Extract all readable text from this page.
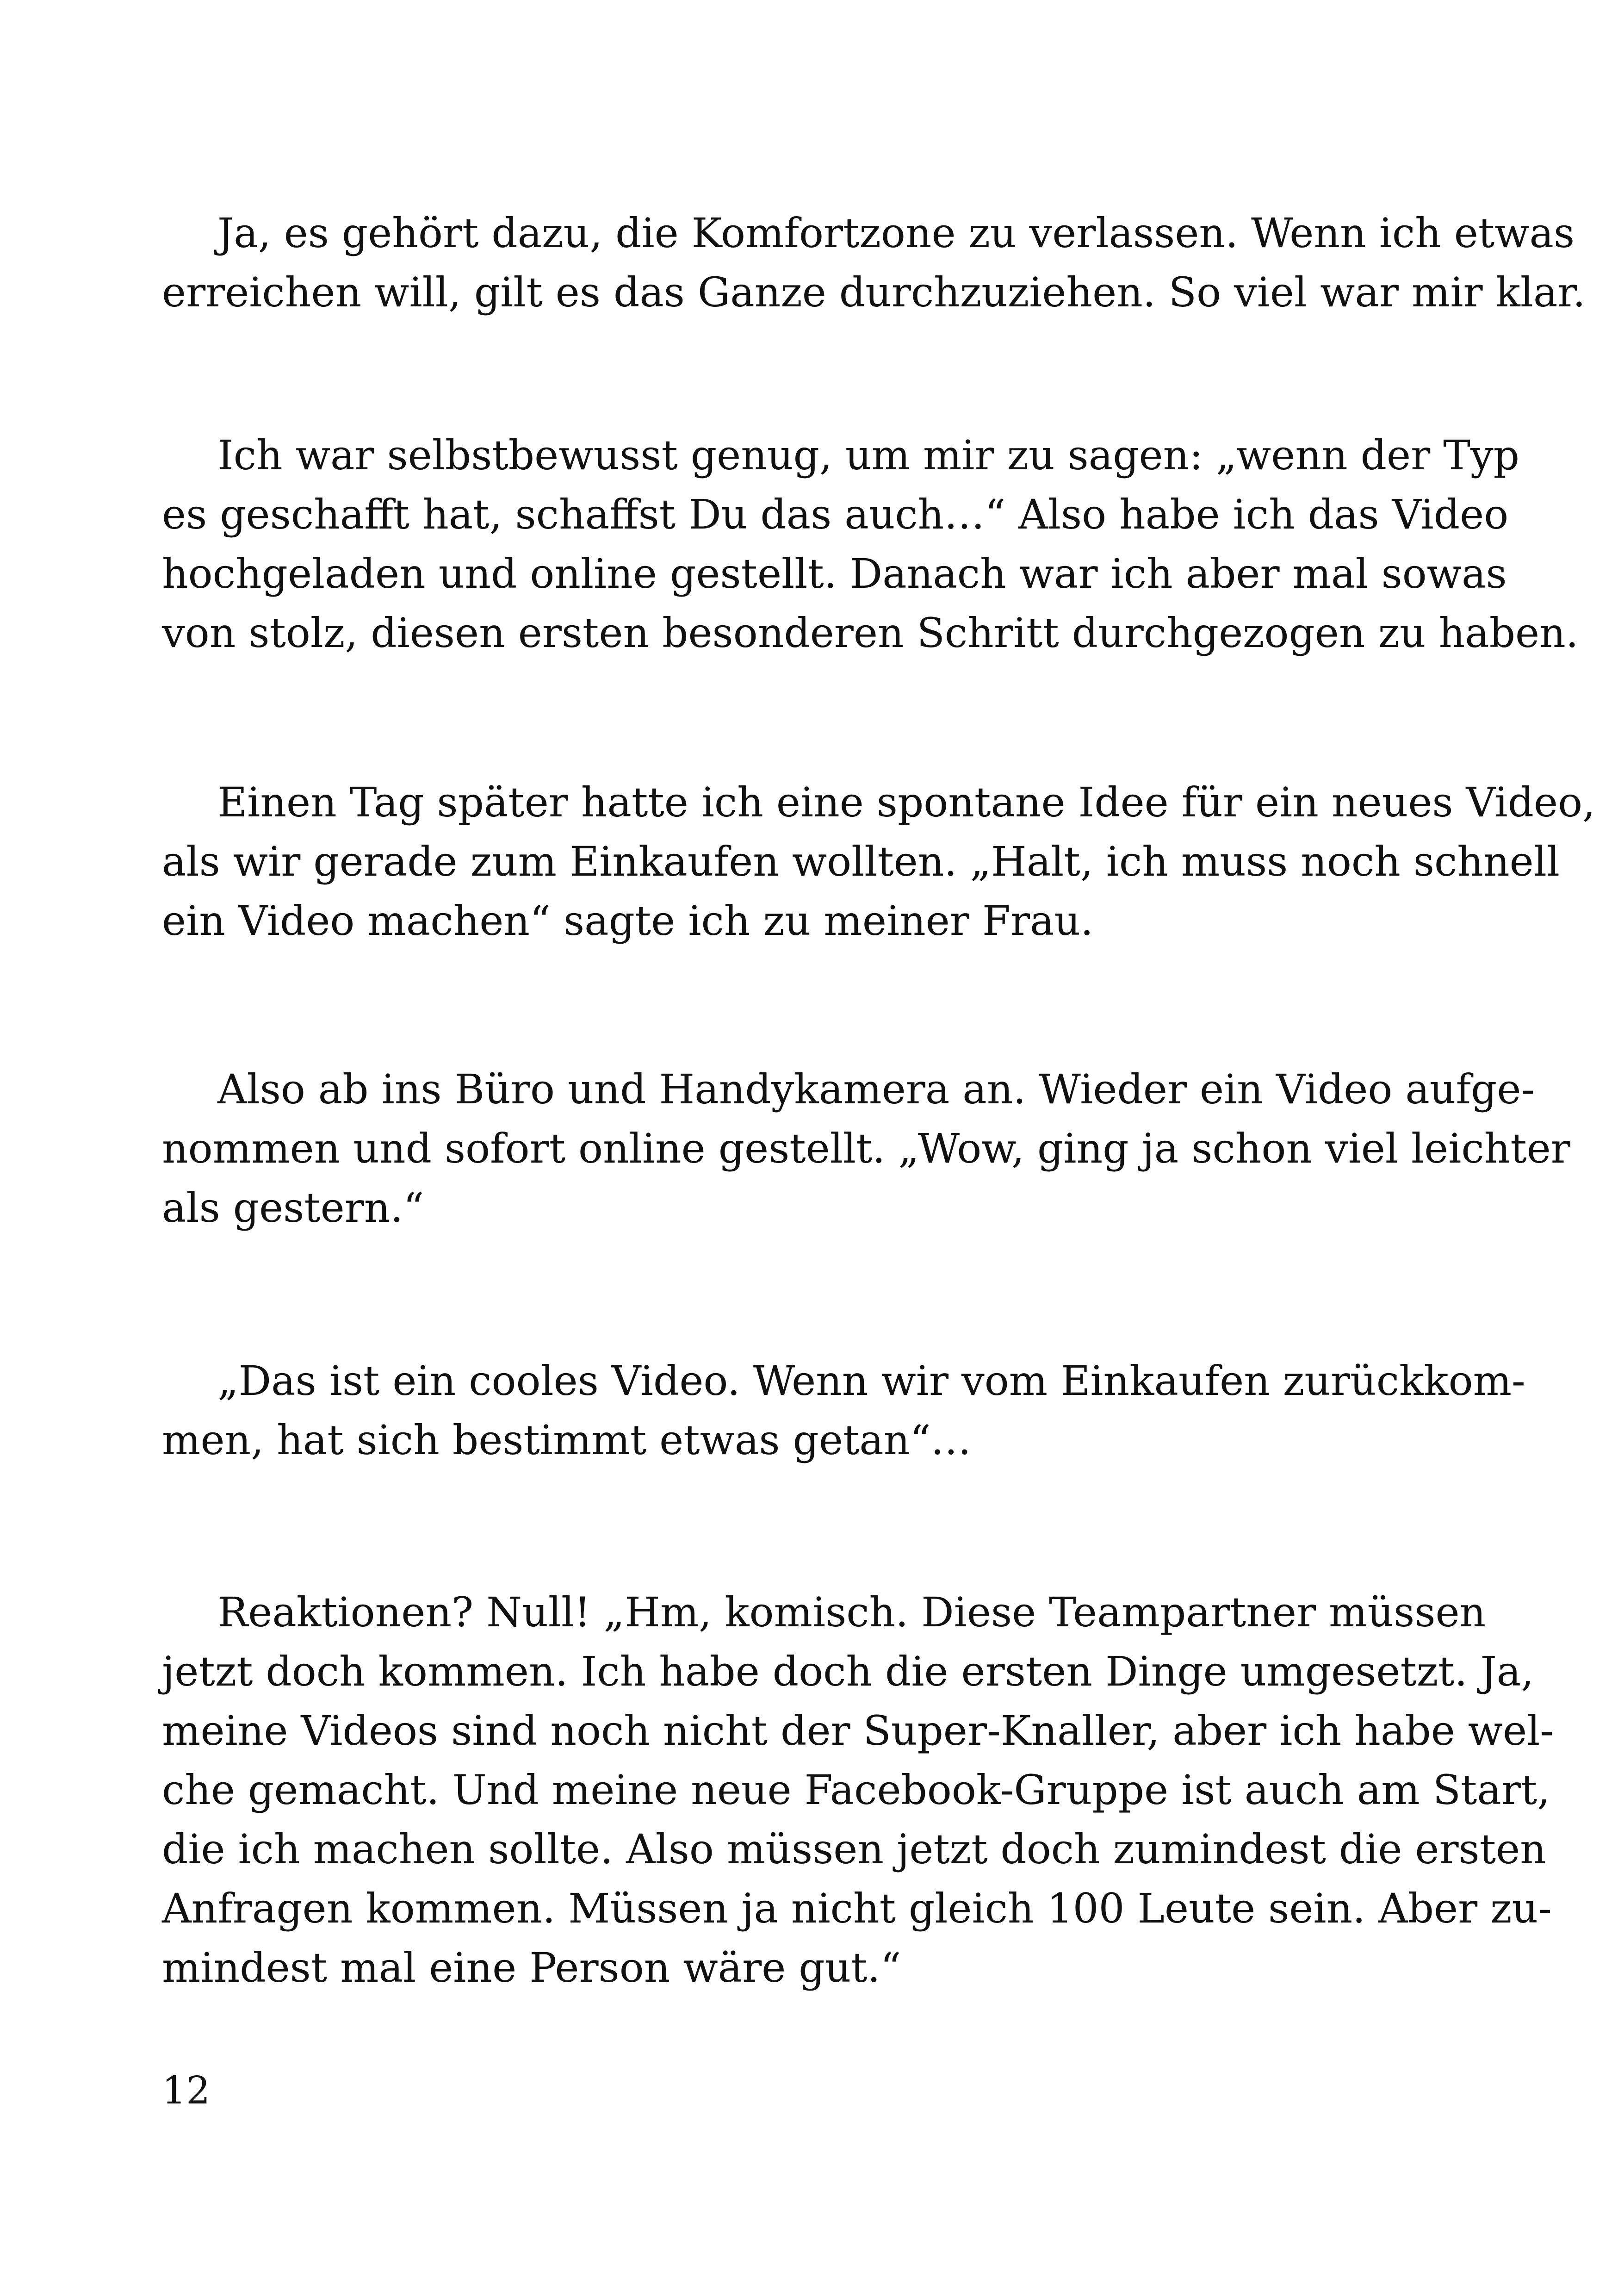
Ja, es gehört dazu, die Komfortzone zu verlassen. Wenn ich etwas
erreichen will, gilt es das Ganze durchzuziehen. So viel war mir klar.
Ich war selbstbewusst genug, um mir zu sagen: „wenn der Typ
es geschafft hat, schaffst Du das auch…“ Also habe ich das Video
hochgeladen und online gestellt. Danach war ich aber mal sowas
von stolz, diesen ersten besonderen Schritt durchgezogen zu haben.
Einen Tag später hatte ich eine spontane Idee für ein neues Video,
als wir gerade zum Einkaufen wollten. „Halt, ich muss noch schnell
ein Video machen“ sagte ich zu meiner Frau.
Also ab ins Büro und Handykamera an. Wieder ein Video aufge-
nommen und sofort online gestellt. „Wow, ging ja schon viel leichter
als gestern.“
„Das ist ein cooles Video. Wenn wir vom Einkaufen zurückkom-
men, hat sich bestimmt etwas getan“…
Reaktionen? Null! „Hm, komisch. Diese Teampartner müssen
jetzt doch kommen. Ich habe doch die ersten Dinge umgesetzt. Ja,
meine Videos sind noch nicht der Super-Knaller, aber ich habe wel-
che gemacht. Und meine neue Facebook-Gruppe ist auch am Start,
die ich machen sollte. Also müssen jetzt doch zumindest die ersten
Anfragen kommen. Müssen ja nicht gleich 100 Leute sein. Aber zu-
mindest mal eine Person wäre gut.“
12
